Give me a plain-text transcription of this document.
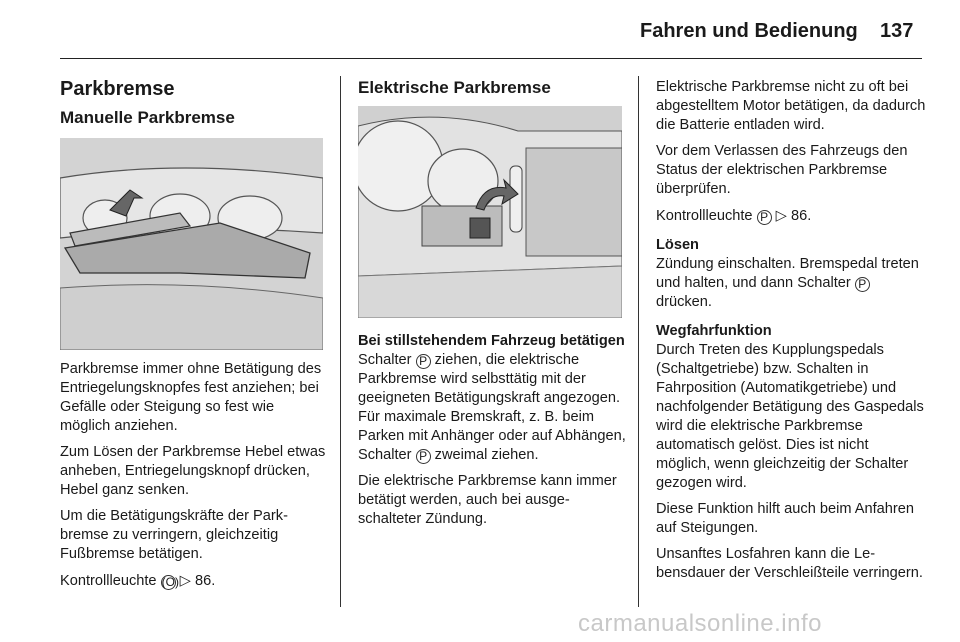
Fahren und Bedienung 137
Parkbremse
Manuelle Parkbremse

Parkbremse immer ohne Betätigung des Entriegelungsknopfes fest anziehen; bei Gefälle oder Steigung so fest wie möglich anziehen.

Zum Lösen der Parkbremse Hebel etwas anheben, Entriegelungsknopf drücken, Hebel ganz senken.

Um die Betätigungskräfte der Parkbremse zu verringern, gleichzeitig Fußbremse betätigen.

Kontrollleuchte (O) ▷ 86.

Elektrische Parkbremse
Bei stillstehendem Fahrzeug betätigen

Schalter P ziehen, die elektrische Parkbremse wird selbsttätig mit der geeigneten Betätigungskraft angezogen. Für maximale Bremskraft, z. B. beim Parken mit Anhänger oder auf Abhängen, Schalter P zweimal ziehen.

Die elektrische Parkbremse kann immer betätigt werden, auch bei ausgeschalteter Zündung.

Elektrische Parkbremse nicht zu oft bei abgestelltem Motor betätigen, da dadurch die Batterie entladen wird.

Vor dem Verlassen des Fahrzeugs den Status der elektrischen Parkbremse überprüfen.

Kontrollleuchte P ▷ 86.

Lösen

Zündung einschalten. Bremspedal treten und halten, und dann Schalter P drücken.

Wegfahrfunktion

Durch Treten des Kupplungspedals (Schaltgetriebe) bzw. Schalten in Fahrposition (Automatikgetriebe) und nachfolgender Betätigung des Gaspedals wird die elektrische Parkbremse automatisch gelöst. Dies ist nicht möglich, wenn gleichzeitig der Schalter gezogen wird.

Diese Funktion hilft auch beim Anfahren auf Steigungen.

Unsanftes Losfahren kann die Lebensdauer der Verschleißteile verringern.

carmanualsonline.info
